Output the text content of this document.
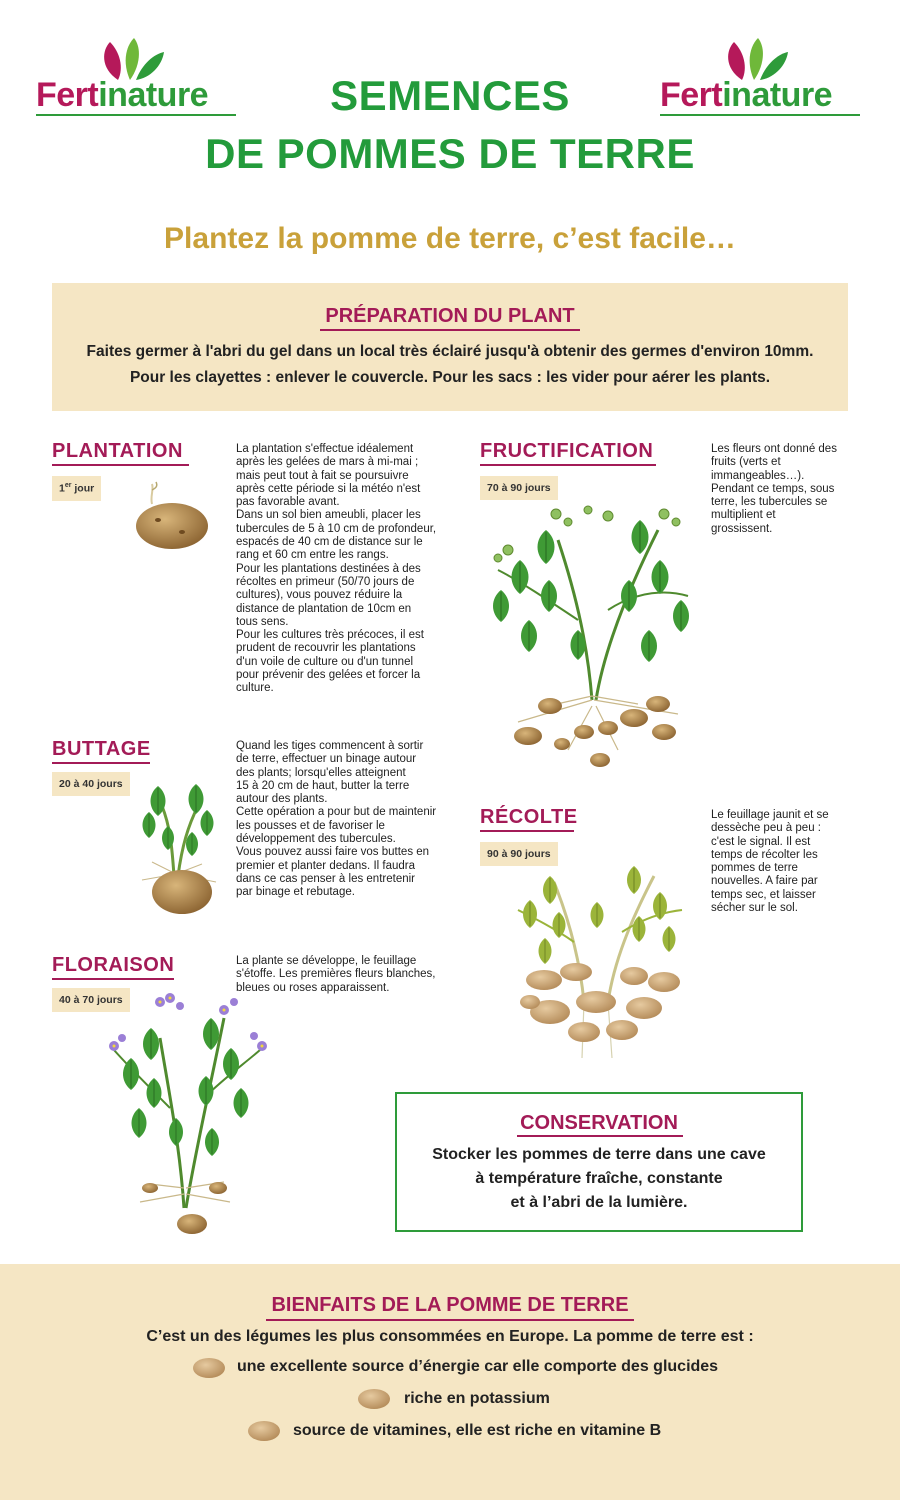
Fertinature	Fertinature
SEMENCES
DE POMMES DE TERRE
Plantez la pomme de terre, c’est facile…
PRÉPARATION DU PLANT
Faites germer à l'abri du gel dans un local très éclairé jusqu'à obtenir des germes d'environ 10mm.
Pour les clayettes : enlever le couvercle. Pour les sacs : les vider pour aérer les plants.
PLANTATION
1er jour
La plantation s'effectue idéalement
après les gelées de mars à mi-mai ;
mais peut tout à fait se poursuivre
après cette période si la météo n'est
pas favorable avant.
Dans un sol bien ameubli, placer les
tubercules de 5 à 10 cm de profondeur,
espacés de 40 cm de distance sur le
rang et 60 cm entre les rangs.
Pour les plantations destinées à des
récoltes en primeur (50/70 jours de
cultures), vous pouvez réduire la
distance de plantation de 10cm en
tous sens.
Pour les cultures très précoces, il est
prudent de recouvrir les plantations
d'un voile de culture ou d'un tunnel
pour prévenir des gelées et forcer la
culture.
BUTTAGE
20 à 40 jours
Quand les tiges commencent à sortir
de terre, effectuer un binage autour
des plants; lorsqu'elles atteignent
15 à 20 cm de haut, butter la terre
autour des plants.
Cette opération a pour but de maintenir
les pousses et de favoriser le
développement des tubercules.
Vous pouvez aussi faire vos buttes en
premier et planter dedans. Il faudra
dans ce cas penser à les entretenir
par binage et rebutage.
FLORAISON
40 à 70 jours
La plante se développe, le feuillage
s'étoffe. Les premières fleurs blanches,
bleues ou roses apparaissent.
FRUCTIFICATION
70 à 90 jours
Les fleurs ont donné des
fruits (verts et
immangeables…).
Pendant ce temps, sous
terre, les tubercules se
multiplient et
grossissent.
RÉCOLTE
90 à 90 jours
Le feuillage jaunit et se
dessèche peu à peu :
c'est le signal. Il est
temps de récolter les
pommes de terre
nouvelles. A faire par
temps sec, et laisser
sécher sur le sol.
CONSERVATION
Stocker les pommes de terre dans une cave
à température fraîche, constante
et à l’abri de la lumière.
BIENFAITS DE LA POMME DE TERRE
C’est un des légumes les plus consommées en Europe. La pomme de terre est :
une excellente source d’énergie car elle comporte des glucides
riche en potassium
source de vitamines, elle est riche en vitamine B
